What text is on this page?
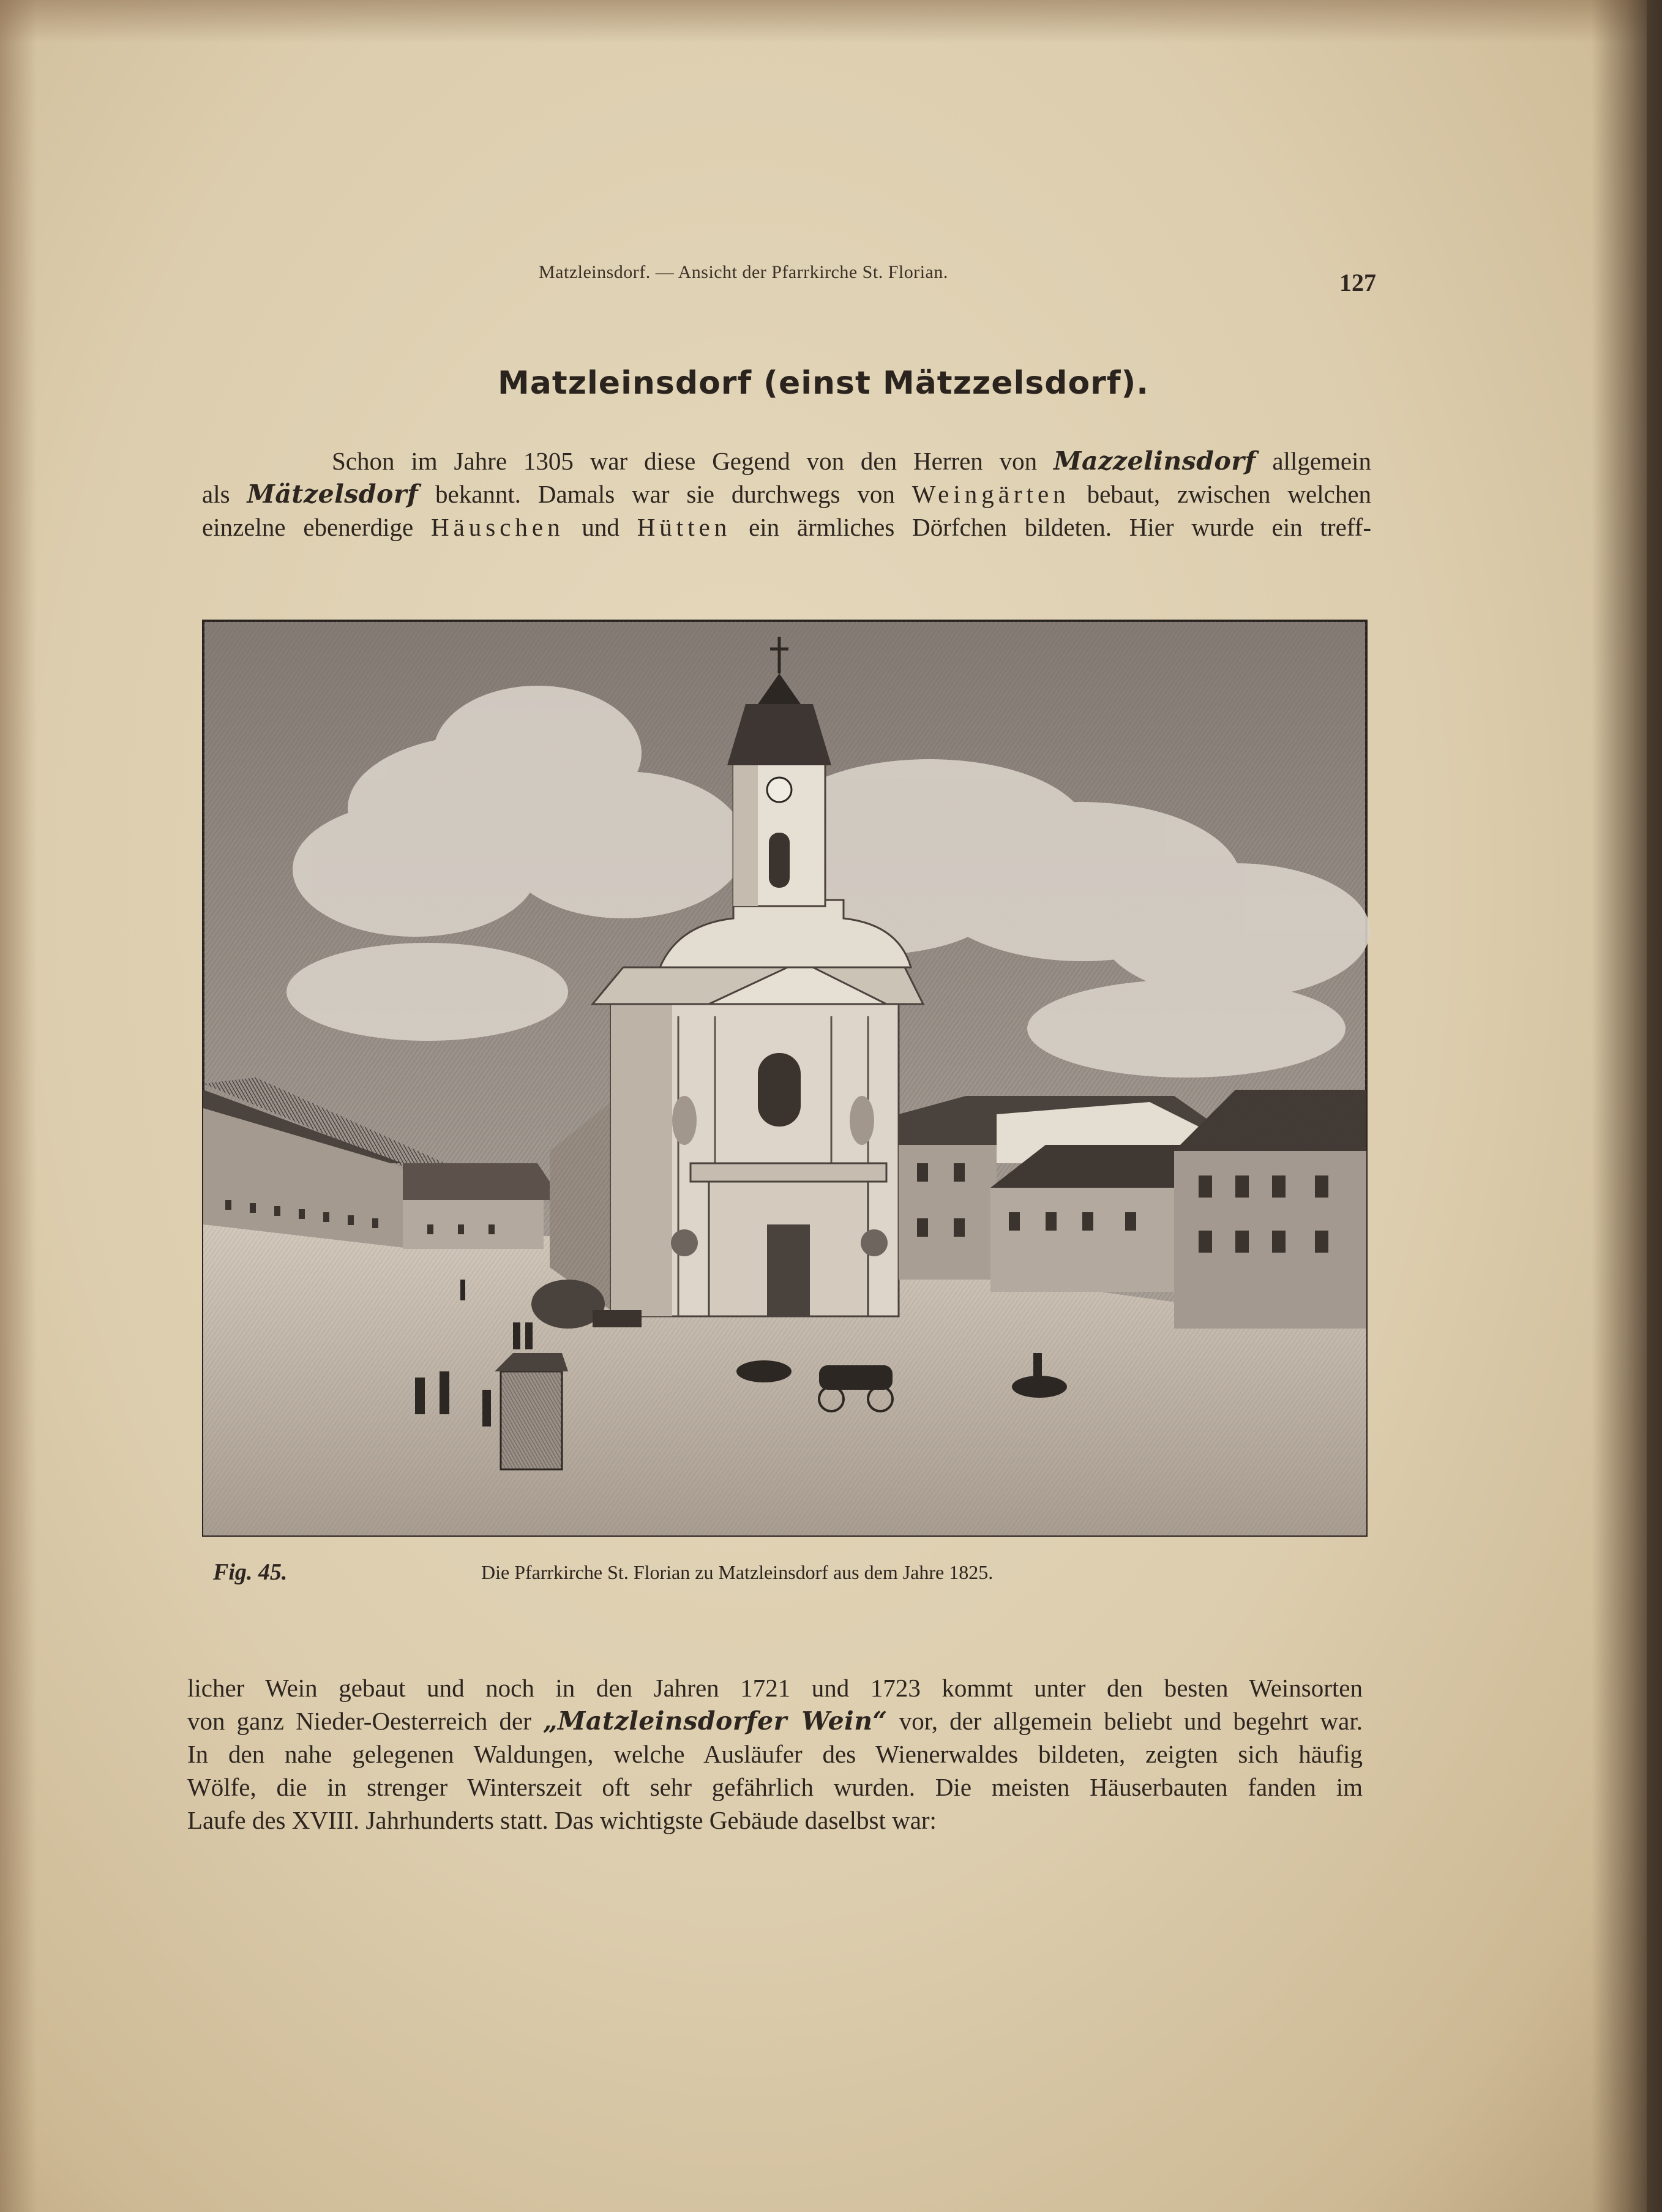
Matzleinsdorf. — Ansicht der Pfarrkirche St. Florian.	127
Matzleinsdorf (einst Mätzzelsdorf).
Schon im Jahre 1305 war diese Gegend von den Herren von Mazzelinsdorf allgemein
als Mätzelsdorf bekannt. Damals war sie durchwegs von Weingärten bebaut, zwischen welchen
einzelne ebenerdige Häuschen und Hütten ein ärmliches Dörfchen bildeten. Hier wurde ein treff-
Fig. 45.	Die Pfarrkirche St. Florian zu Matzleinsdorf aus dem Jahre 1825.
licher Wein gebaut und noch in den Jahren 1721 und 1723 kommt unter den besten Weinsorten
von ganz Nieder-Oesterreich der „Matzleinsdorfer Wein“ vor, der allgemein beliebt und begehrt war.
In den nahe gelegenen Waldungen, welche Ausläufer des Wienerwaldes bildeten, zeigten sich häufig
Wölfe, die in strenger Winterszeit oft sehr gefährlich wurden. Die meisten Häuserbauten fanden im
Laufe des XVIII. Jahrhunderts statt. Das wichtigste Gebäude daselbst war:
